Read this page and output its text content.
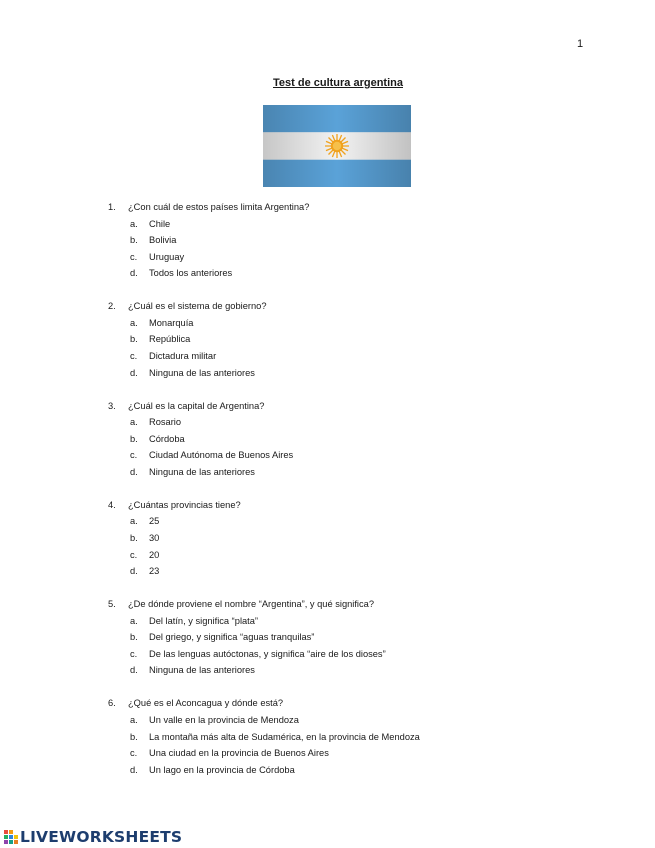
1
Test de cultura argentina
1. ¿Con cuál de estos países limita Argentina?
a. Chile
b. Bolivia
c. Uruguay
d. Todos los anteriores
2. ¿Cuál es el sistema de gobierno?
a. Monarquía
b. República
c. Dictadura militar
d. Ninguna de las anteriores
3. ¿Cuál es la capital de Argentina?
a. Rosario
b. Córdoba
c. Ciudad Autónoma de Buenos Aires
d. Ninguna de las anteriores
4. ¿Cuántas provincias tiene?
a. 25
b. 30
c. 20
d. 23
5. ¿De dónde proviene el nombre “Argentina”, y qué significa?
a. Del latín, y significa “plata”
b. Del griego, y significa “aguas tranquilas”
c. De las lenguas autóctonas, y significa “aire de los dioses”
d. Ninguna de las anteriores
6. ¿Qué es el Aconcagua y dónde está?
a. Un valle en la provincia de Mendoza
b. La montaña más alta de Sudamérica, en la provincia de Mendoza
c. Una ciudad en la provincia de Buenos Aires
d. Un lago en la provincia de Córdoba
LIVEWORKSHEETS
